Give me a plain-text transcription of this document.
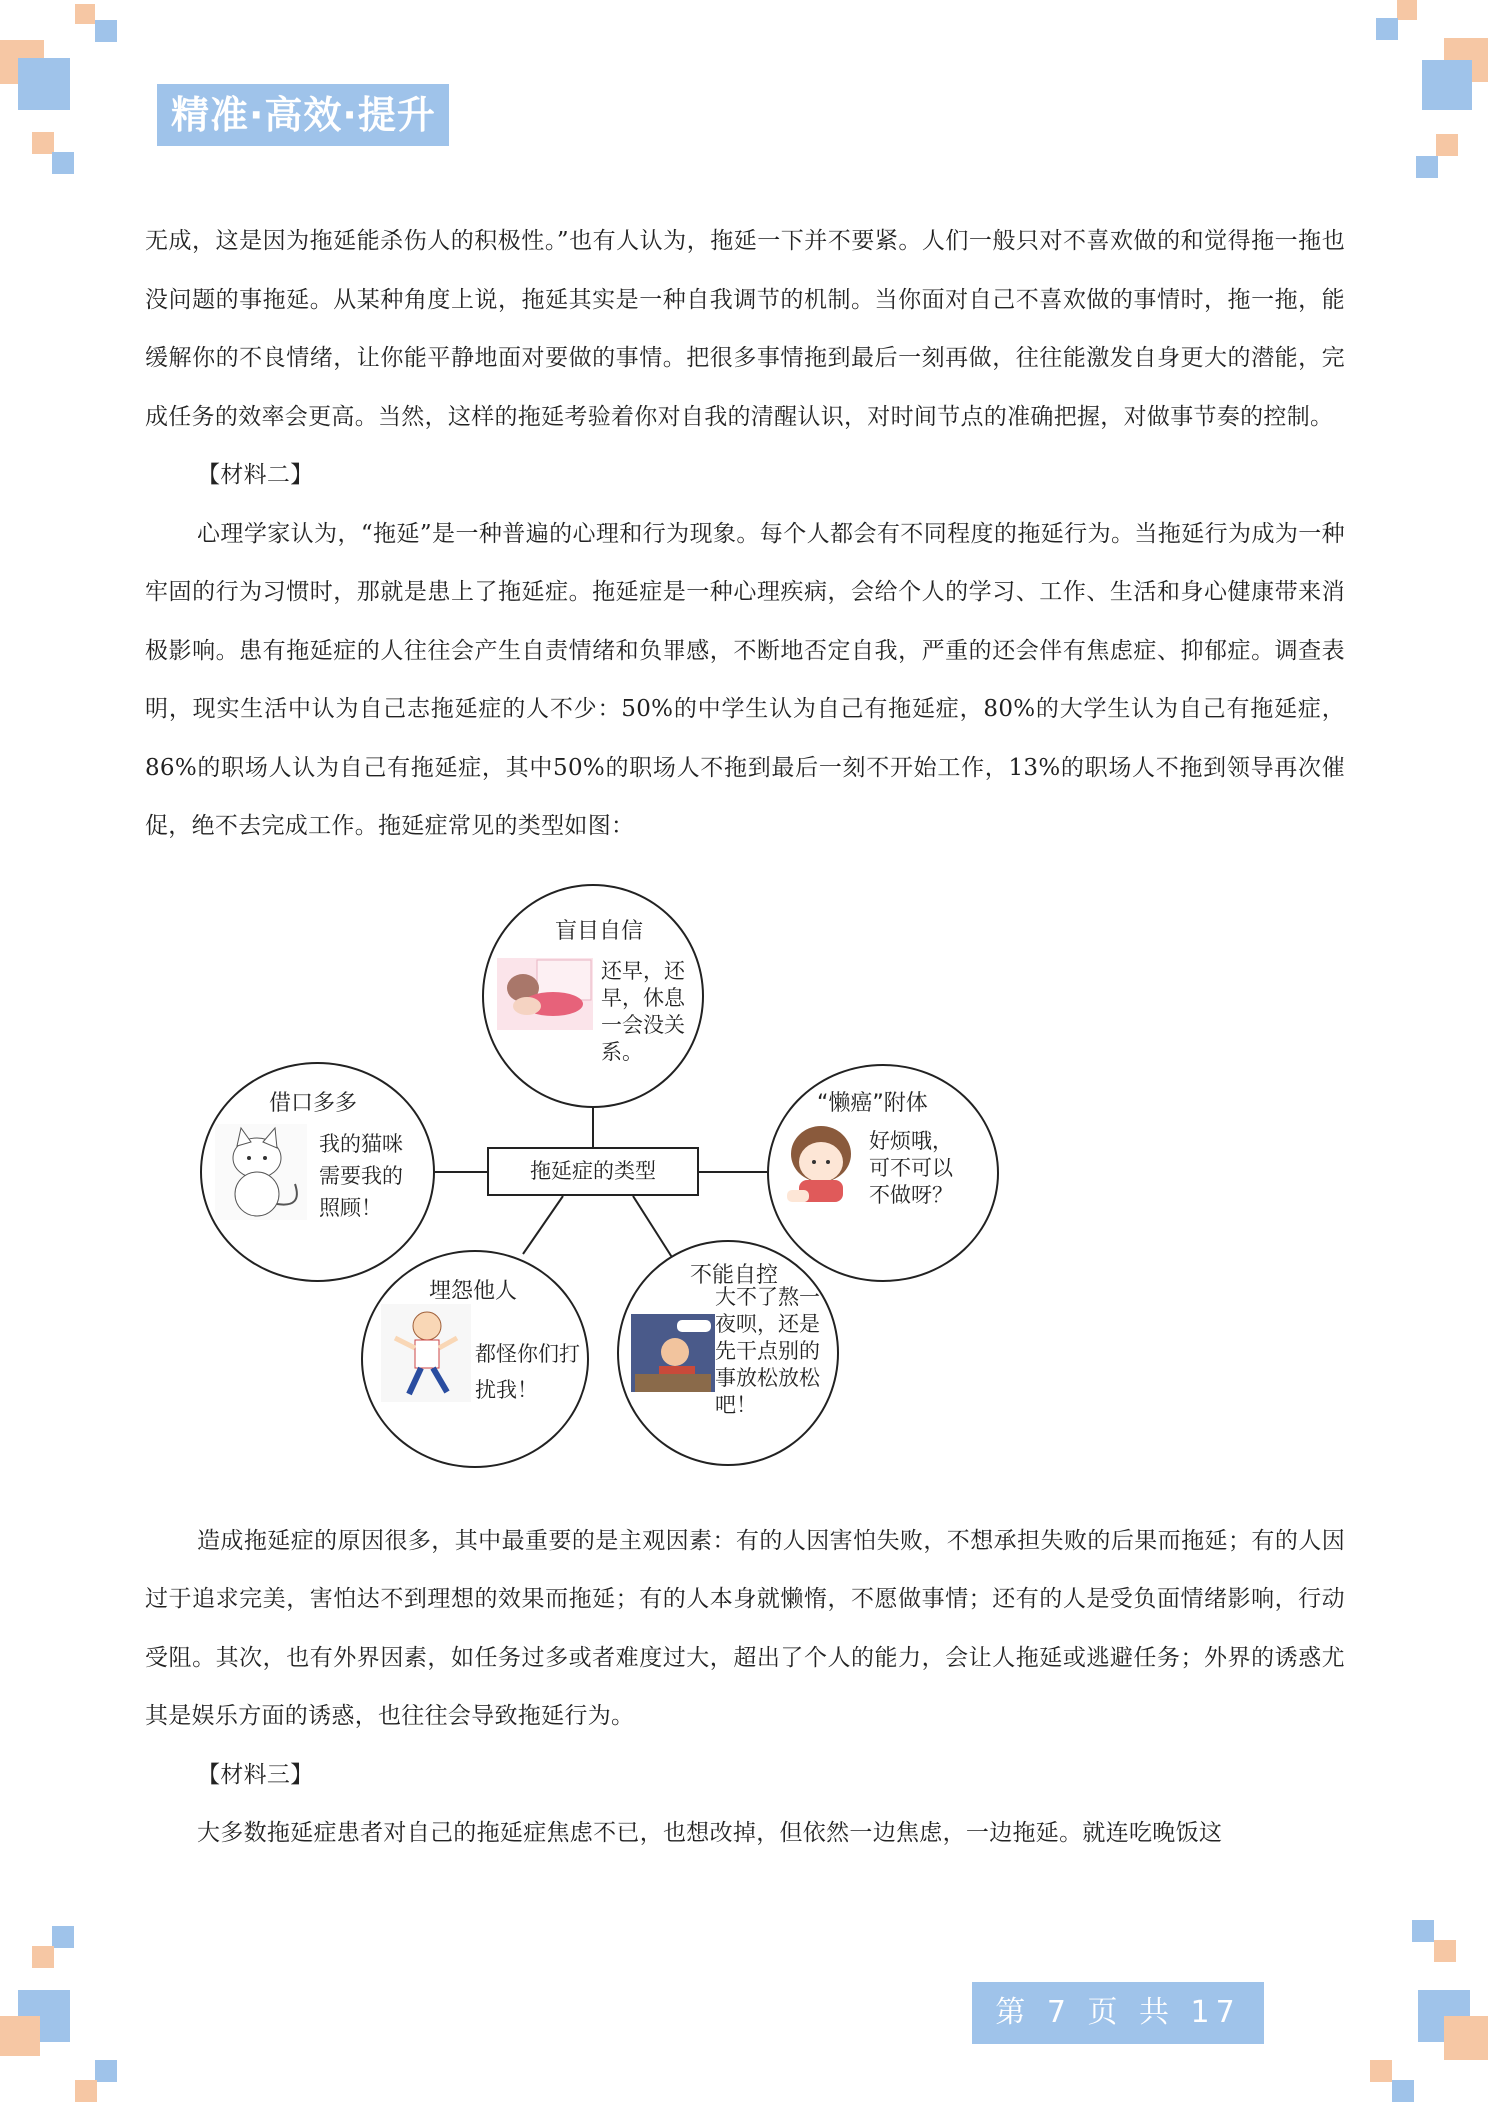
精准·高效·提升

无成，这是因为拖延能杀伤人的积极性。”也有人认为，拖延一下并不要紧。人们一般只对不喜欢做的和觉得拖一拖也没问题的事拖延。从某种角度上说，拖延其实是一种自我调节的机制。当你面对自己不喜欢做的事情时，拖一拖，能缓解你的不良情绪，让你能平静地面对要做的事情。把很多事情拖到最后一刻再做，往往能激发自身更大的潜能，完成任务的效率会更高。当然，这样的拖延考验着你对自我的清醒认识，对时间节点的准确把握，对做事节奏的控制。

【材料二】

心理学家认为，“拖延”是一种普遍的心理和行为现象。每个人都会有不同程度的拖延行为。当拖延行为成为一种牢固的行为习惯时，那就是患上了拖延症。拖延症是一种心理疾病，会给个人的学习、工作、生活和身心健康带来消极影响。患有拖延症的人往往会产生自责情绪和负罪感，不断地否定自我，严重的还会伴有焦虑症、抑郁症。调查表明，现实生活中认为自己志拖延症的人不少：50%的中学生认为自己有拖延症，80%的大学生认为自己有拖延症，86%的职场人认为自己有拖延症，其中50%的职场人不拖到最后一刻不开始工作，13%的职场人不拖到领导再次催促，绝不去完成工作。拖延症常见的类型如图：

拖延症的类型
盲目自信
还早，还早，休息一会没关系。
借口多多
我的猫咪需要我的照顾！
“懒癌”附体
好烦哦，可不可以不做呀？
埋怨他人
都怪你们打扰我！
不能自控
大不了熬一夜呗，还是先干点别的事放松放松吧！

造成拖延症的原因很多，其中最重要的是主观因素：有的人因害怕失败，不想承担失败的后果而拖延；有的人因过于追求完美，害怕达不到理想的效果而拖延；有的人本身就懒惰，不愿做事情；还有的人是受负面情绪影响，行动受阻。其次，也有外界因素，如任务过多或者难度过大，超出了个人的能力，会让人拖延或逃避任务；外界的诱惑尤其是娱乐方面的诱惑，也往往会导致拖延行为。

【材料三】

大多数拖延症患者对自己的拖延症焦虑不已，也想改掉，但依然一边焦虑，一边拖延。就连吃晚饭这

第 7 页 共 17 页
